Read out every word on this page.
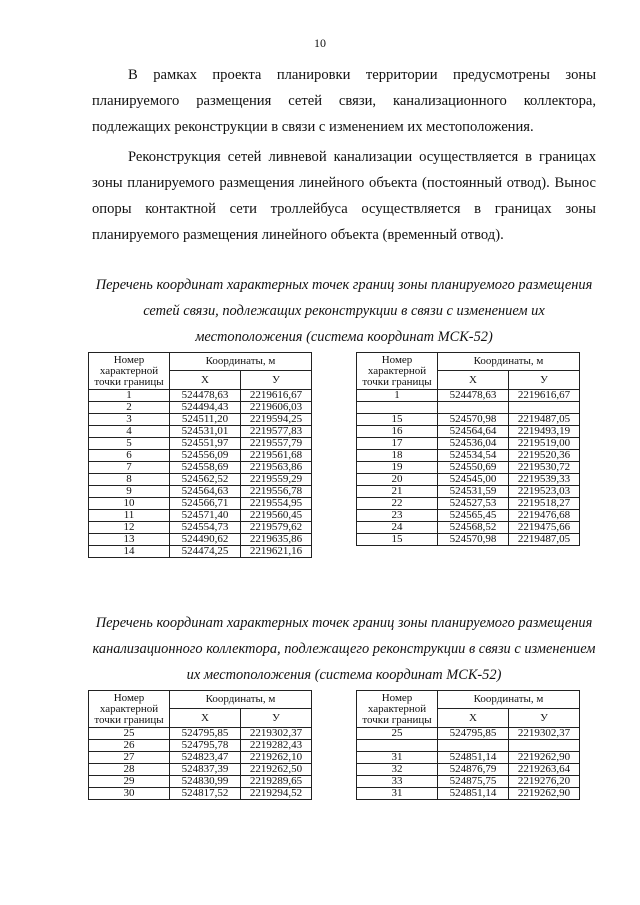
10

В рамках проекта планировки территории предусмотрены зоны планируемого размещения сетей связи, канализационного коллектора, подлежащих реконструкции в связи с изменением их местоположения.

Реконструкция сетей ливневой канализации осуществляется в границах зоны планируемого размещения линейного объекта (постоянный отвод). Вынос опоры контактной сети троллейбуса осуществляется в границах зоны планируемого размещения линейного объекта (временный отвод).

Перечень координат характерных точек границ зоны планируемого размещения сетей связи, подлежащих реконструкции в связи с изменением их местоположения (система координат МСК-52)

Номер характерной точки границы	Координаты, м	
	X	У
1	524478,63	2219616,67
2	524494,43	2219606,03
3	524511,20	2219594,25
4	524531,01	2219577,83
5	524551,97	2219557,79
6	524556,09	2219561,68
7	524558,69	2219563,86
8	524562,52	2219559,29
9	524564,63	2219556,78
10	524566,71	2219554,95
11	524571,40	2219560,45
12	524554,73	2219579,62
13	524490,62	2219635,86
14	524474,25	2219621,16
Номер характерной точки границы	Координаты, м	
	X	У
1	524478,63	2219616,67

15	524570,98	2219487,05
16	524564,64	2219493,19
17	524536,04	2219519,00
18	524534,54	2219520,36
19	524550,69	2219530,72
20	524545,00	2219539,33
21	524531,59	2219523,03
22	524527,53	2219518,27
23	524565,45	2219476,68
24	524568,52	2219475,66
15	524570,98	2219487,05

Перечень координат характерных точек границ зоны планируемого размещения канализационного коллектора, подлежащего реконструкции в связи с изменением их местоположения (система координат МСК-52)

Номер характерной точки границы	Координаты, м	
	X	У
25	524795,85	2219302,37
26	524795,78	2219282,43
27	524823,47	2219262,10
28	524837,39	2219262,50
29	524830,99	2219289,65
30	524817,52	2219294,52
Номер характерной точки границы	Координаты, м	
	X	У
25	524795,85	2219302,37

31	524851,14	2219262,90
32	524876,79	2219263,64
33	524875,75	2219276,20
31	524851,14	2219262,90
